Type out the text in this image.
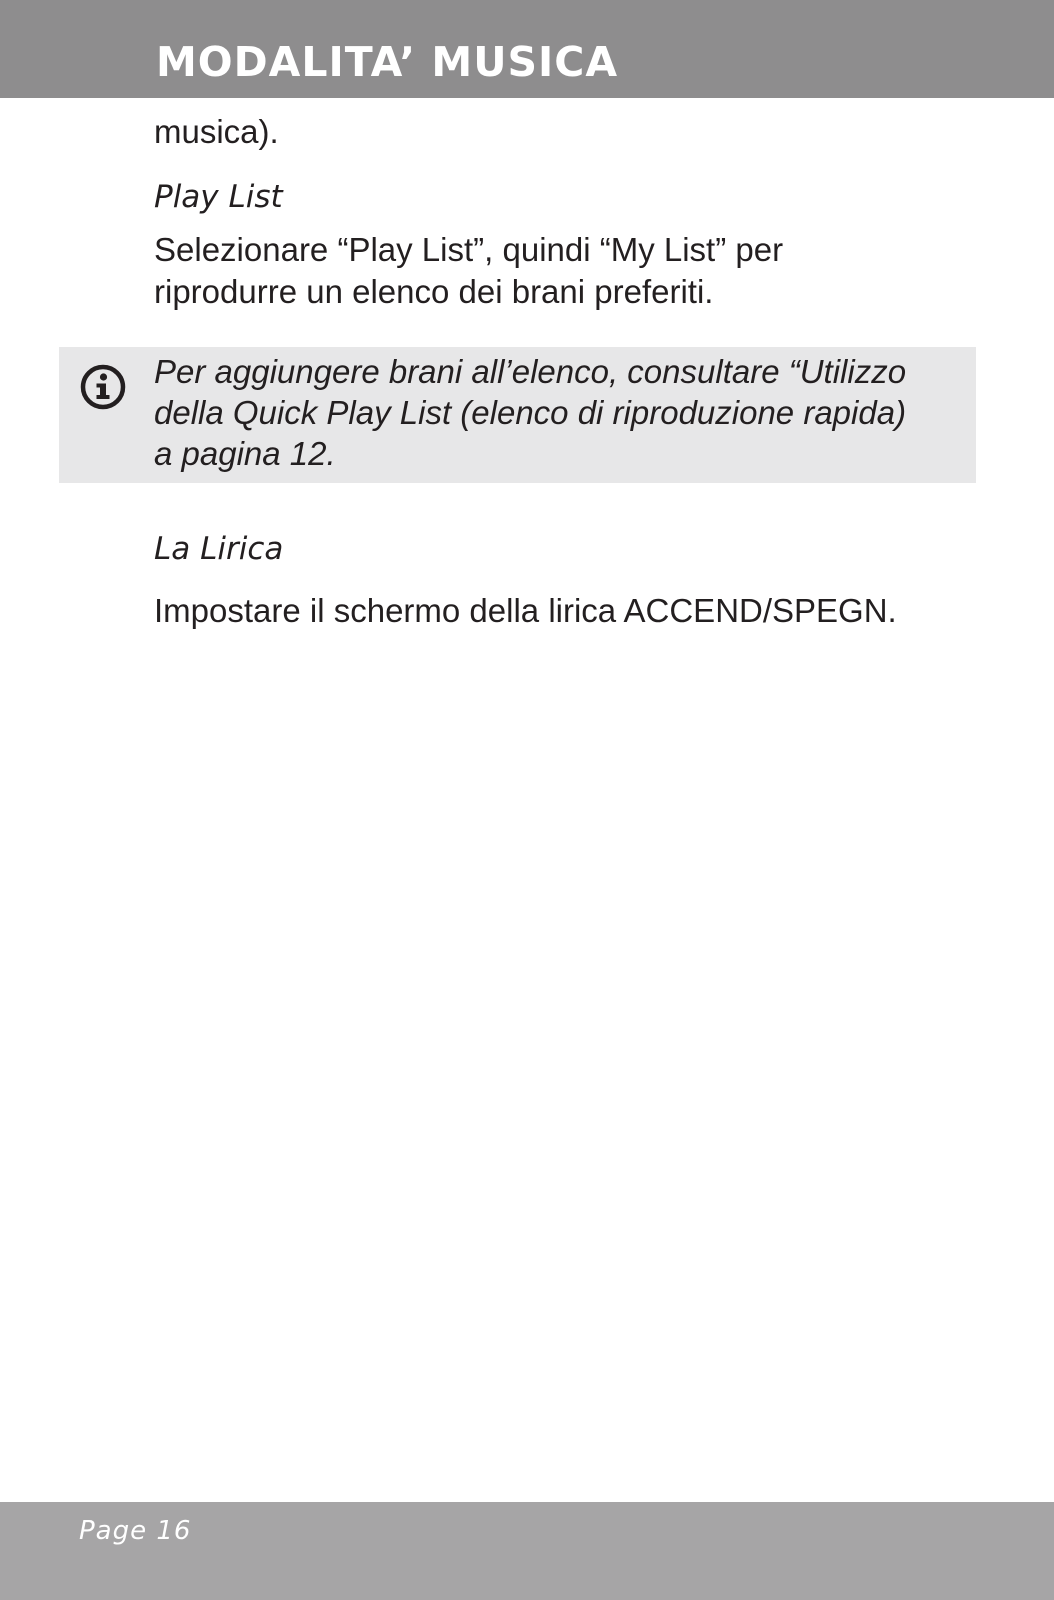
MODALITA’ MUSICA

musica).

Play List

Selezionare “Play List”, quindi “My List” per

riprodurre un elenco dei brani preferiti.

Per aggiungere brani all’elenco, consultare “Utilizzo
della Quick Play List (elenco di riproduzione rapida)
a pagina 12.
La Lirica

Impostare il schermo della lirica ACCEND/SPEGN.

Page 16
